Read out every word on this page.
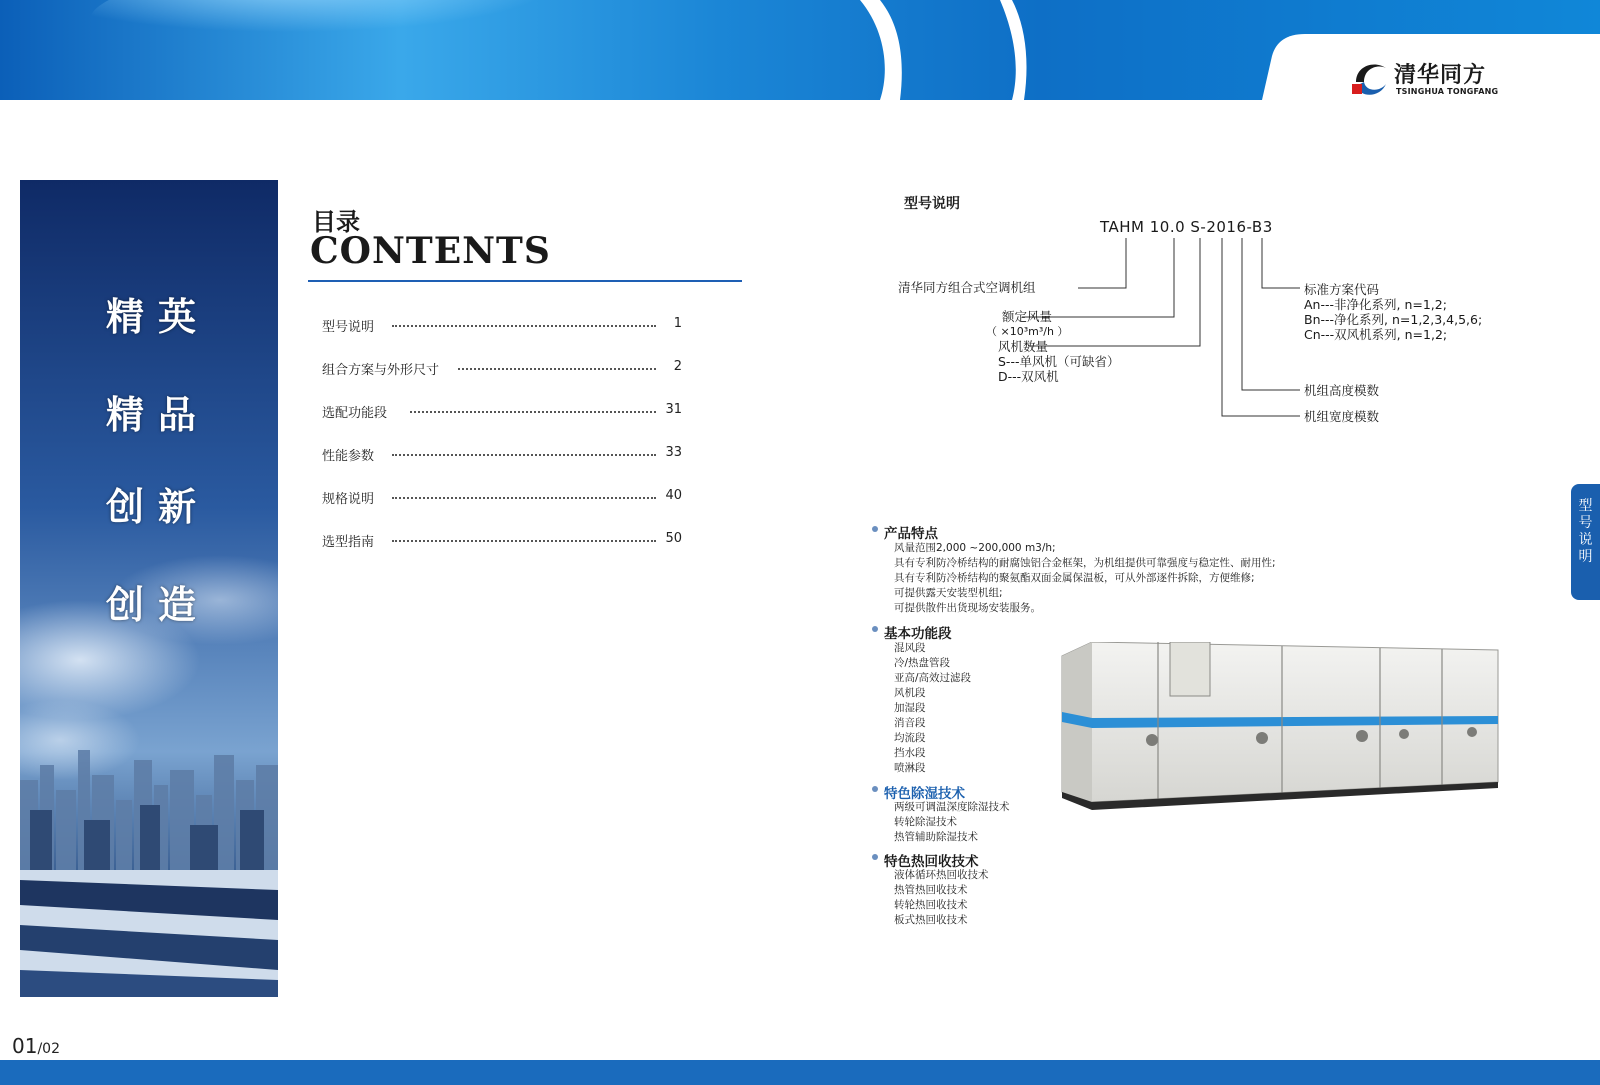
清华同方
TSINGHUA TONGFANG
精英
精品
创新
创造
目录
CONTENTS
型号说明	1
组合方案与外形尺寸	2
选配功能段	31
性能参数	33
规格说明	40
选型指南	50
型号说明
TAHM 10.0 S-2016-B3
清华同方组合式空调机组
额定风量
（ ×10³m³/h ）
风机数量
S---单风机（可缺省）
D---双风机
标准方案代码
An---非净化系列, n=1,2;
Bn---净化系列, n=1,2,3,4,5,6;
Cn---双风机系列, n=1,2;
机组高度模数
机组宽度模数
型号说明
产品特点
风量范围2,000 ~200,000 m3/h;
具有专利防冷桥结构的耐腐蚀铝合金框架，为机组提供可靠强度与稳定性、耐用性;
具有专利防冷桥结构的聚氨酯双面金属保温板，可从外部逐件拆除，方便维修;
可提供露天安装型机组;
可提供散件出货现场安装服务。
基本功能段
混风段
冷/热盘管段
亚高/高效过滤段
风机段
加湿段
消音段
均流段
挡水段
喷淋段
特色除湿技术
两级可调温深度除湿技术
转轮除湿技术
热管辅助除湿技术
特色热回收技术
液体循环热回收技术
热管热回收技术
转轮热回收技术
板式热回收技术
01/02
